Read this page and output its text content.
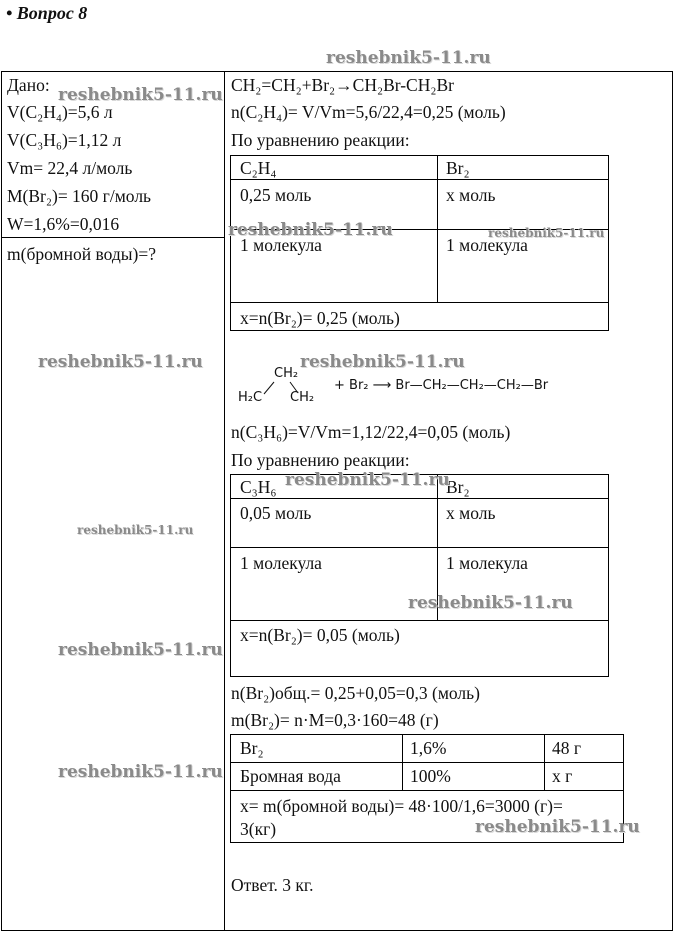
• Вопрос 8
Дано:
V(C₂H₄)=5,6 л
V(C₃H₆)=1,12 л
Vm= 22,4 л/моль
M(Br₂)= 160 г/моль
W=1,6%=0,016
m(бромной воды)=?
CH₂=CH₂+Br₂→CH₂Br-CH₂Br
n(C₂H₄)= V/Vm=5,6/22,4=0,25 (моль)
По уравнению реакции:
C₂H₄	Br₂
0,25 моль	x моль
1 молекула	1 молекула
x=n(Br₂)= 0,25 (моль)
CH₂
H₂C CH₂
+ Br₂ ⟶ Br—CH₂—CH₂—CH₂—Br
n(C₃H₆)=V/Vm=1,12/22,4=0,05 (моль)
По уравнению реакции:
C₃H₆	Br₂
0,05 моль	x моль
1 молекула	1 молекула
x=n(Br₂)= 0,05 (моль)
n(Br₂)общ.= 0,25+0,05=0,3 (моль)
m(Br₂)= n·M=0,3·160=48 (г)
Br₂	1,6%	48 г
Бромная вода	100%	x г
x= m(бромной воды)= 48·100/1,6=3000 (г)=
3(кг)
Ответ. 3 кг.
reshebnik5-11.ru
reshebnik5-11.ru
reshebnik5-11.ru	reshebnik5-11.ru
reshebnik5-11.ru	reshebnik5-11.ru
reshebnik5-11.ru
reshebnik5-11.ru
reshebnik5-11.ru
reshebnik5-11.ru
reshebnik5-11.ru
reshebnik5-11.ru
